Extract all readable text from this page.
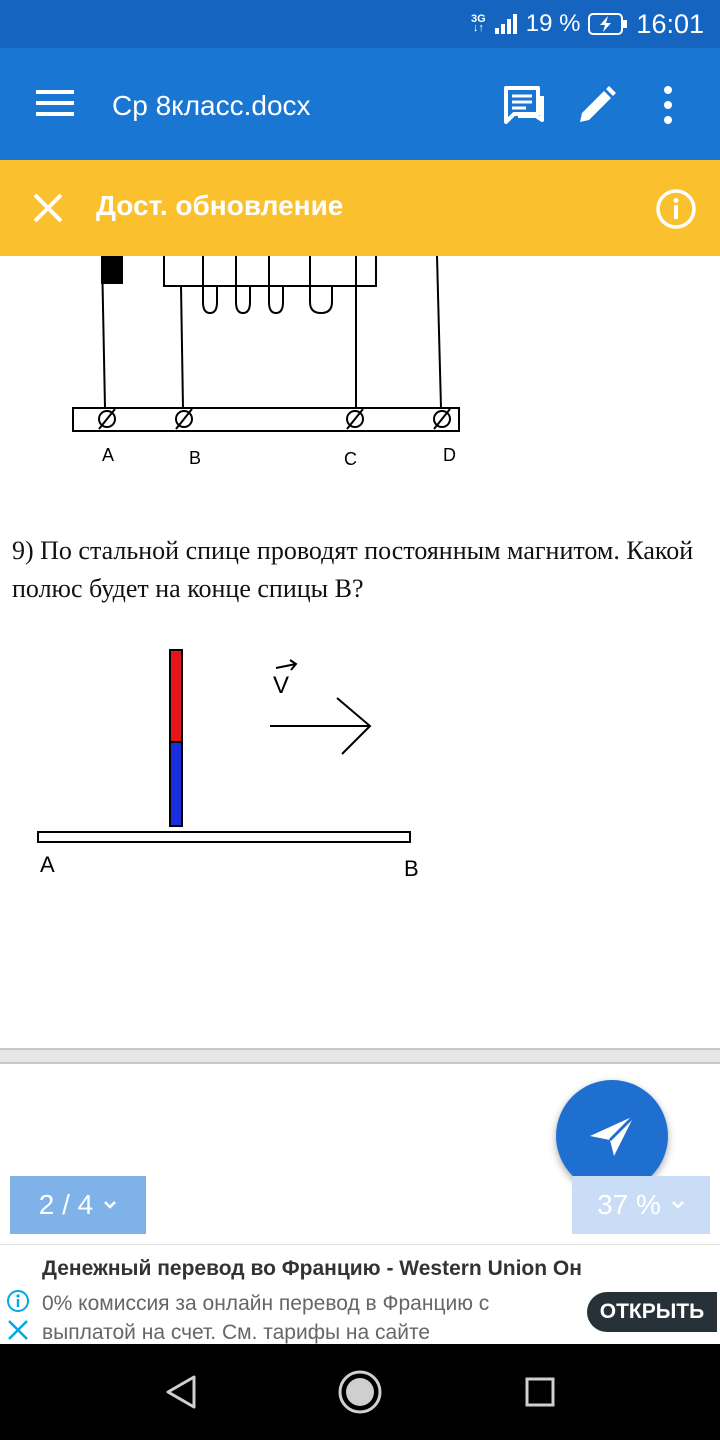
3G
↓↑ 19 % 16:01
Ср 8класс.docx
Дост. обновление
A	B	C	D
9) По стальной спице проводят постоянным магнитом. Какой полюс будет на конце спицы В?
V
A	B
2 / 4	37 %
Денежный перевод во Францию - Western Union Он
0% комиссия за онлайн перевод в Францию с выплатой на счет. См. тарифы на сайте
ОТКРЫТЬ
